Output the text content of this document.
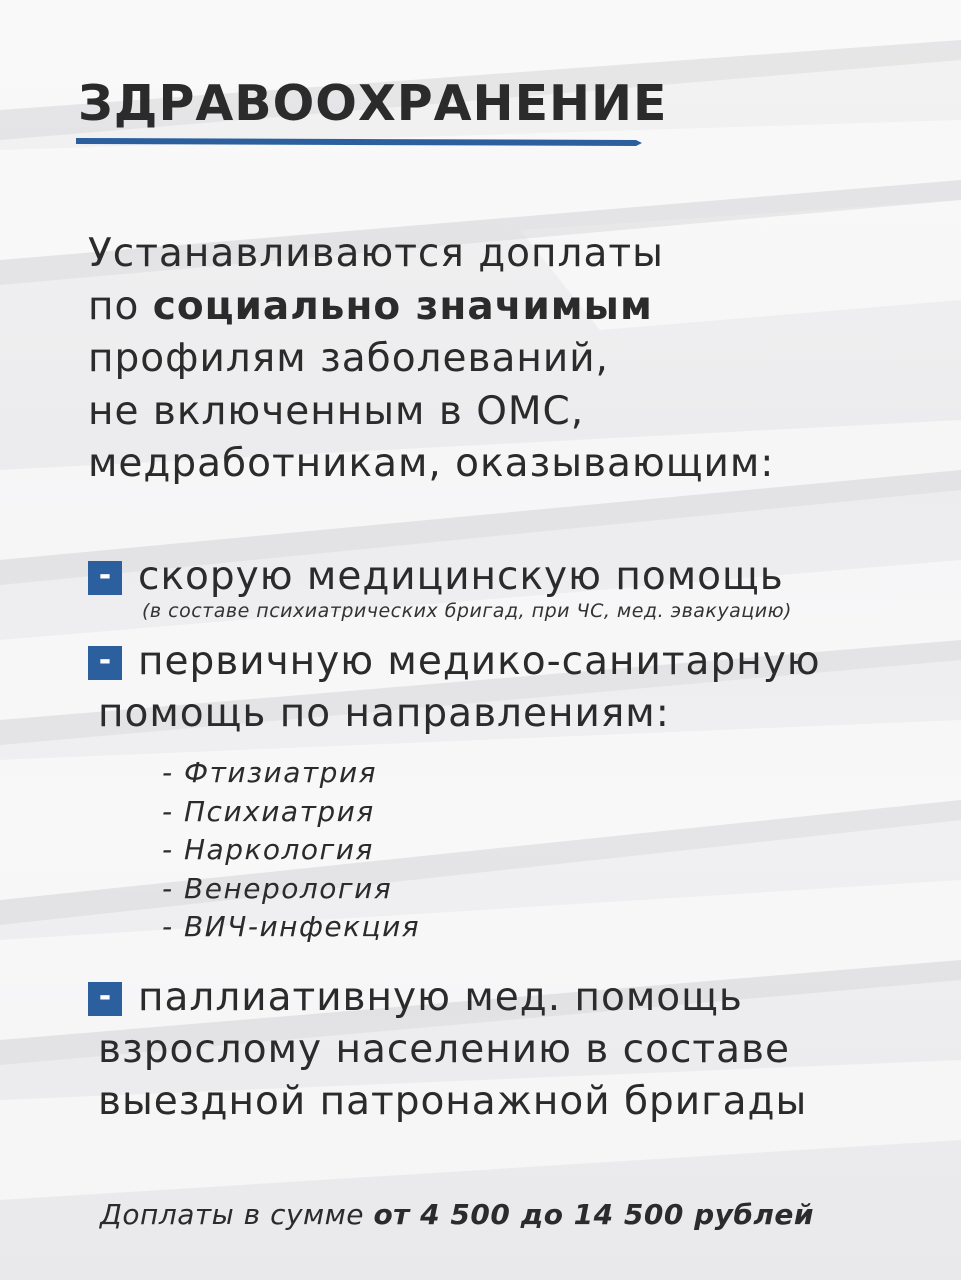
ЗДРАВООХРАНЕНИЕ
Устанавливаются доплаты
по социально значимым
профилям заболеваний,
не включенным в ОМС,
медработникам, оказывающим:
- скорую медицинскую помощь
(в составе психиатрических бригад, при ЧС, мед. эвакуацию)
- первичную медико-санитарную
помощь по направлениям:
- Фтизиатрия
- Психиатрия
- Наркология
- Венерология
- ВИЧ-инфекция
- паллиативную мед. помощь
взрослому населению в составе
выездной патронажной бригады
Доплаты в сумме от 4 500 до 14 500 рублей
